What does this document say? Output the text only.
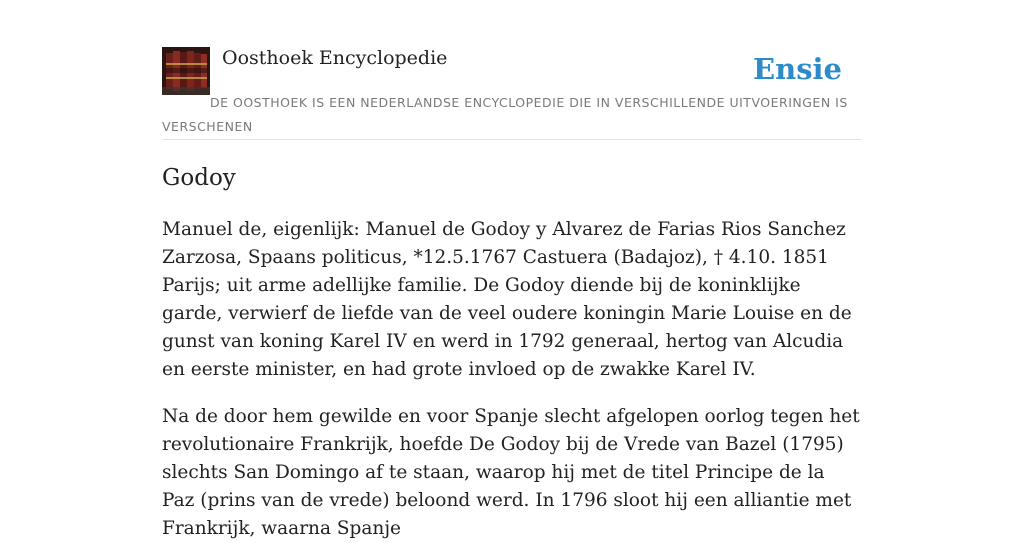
Oosthoek Encyclopedie	Ensie
DE OOSTHOEK IS EEN NEDERLANDSE ENCYCLOPEDIE DIE IN VERSCHILLENDE UITVOERINGEN IS VERSCHENEN
Godoy

Manuel de, eigenlijk: Manuel de Godoy y Alvarez de Farias Rios Sanchez Zarzosa, Spaans politicus, *12.5.1767 Castuera (Badajoz), † 4.10. 1851 Parijs; uit arme adellijke familie. De Godoy diende bij de koninklijke garde, verwierf de liefde van de veel oudere koningin Marie Louise en de gunst van koning Karel IV en werd in 1792 generaal, hertog van Alcudia en eerste minister, en had grote invloed op de zwakke Karel IV.

Na de door hem gewilde en voor Spanje slecht afgelopen oorlog tegen het revolutionaire Frankrijk, hoefde De Godoy bij de Vrede van Bazel (1795) slechts San Domingo af te staan, waarop hij met de titel Principe de la Paz (prins van de vrede) beloond werd. In 1796 sloot hij een alliantie met Frankrijk, waarna Spanje
